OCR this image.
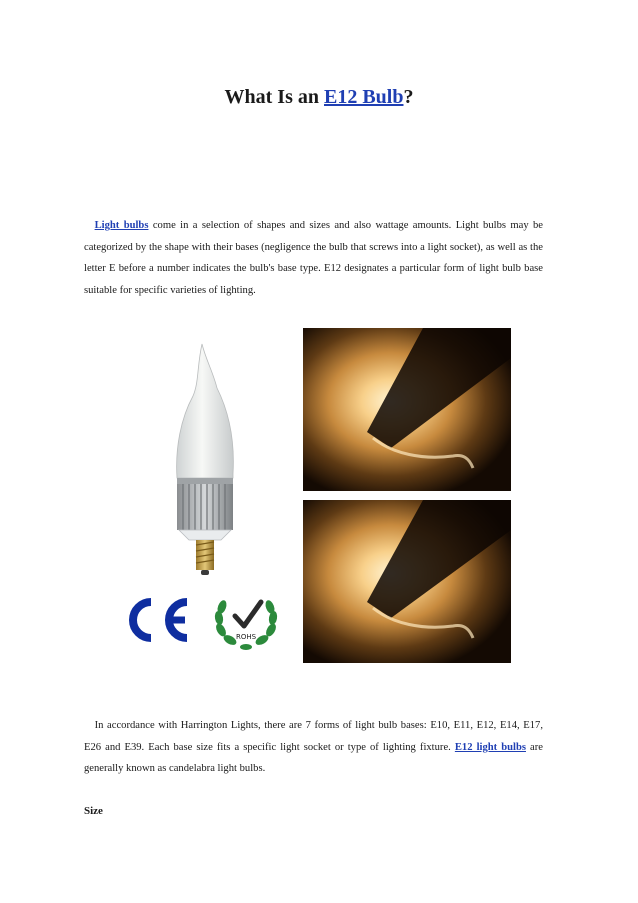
What Is an E12 Bulb?
 Light bulbs come in a selection of shapes and sizes and also wattage amounts. Light bulbs may be categorized by the shape with their bases (negligence the bulb that screws into a light socket), as well as the letter E before a number indicates the bulb's base type. E12 designates a particular form of light bulb base suitable for specific varieties of lighting.
ROHS
 In accordance with Harrington Lights, there are 7 forms of light bulb bases: E10, E11, E12, E14, E17, E26 and E39. Each base size fits a specific light socket or type of lighting fixture. E12 light bulbs are generally known as candelabra light bulbs.
Size
